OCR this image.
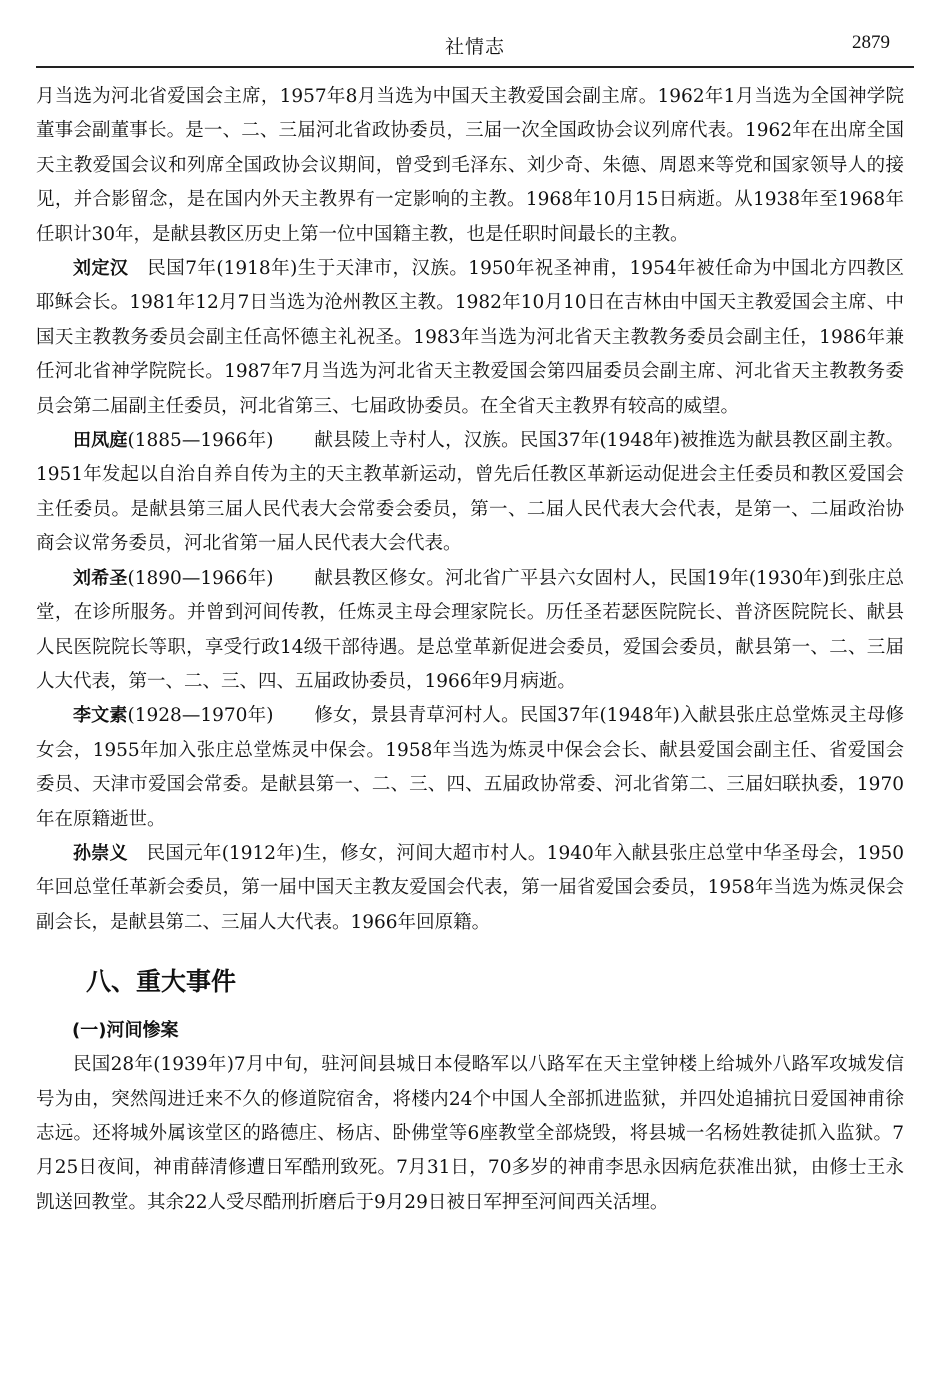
社情志	2879

月当选为河北省爱国会主席，1957年8月当选为中国天主教爱国会副主席。1962年1月当选为全国神学院董事会副董事长。是一、二、三届河北省政协委员，三届一次全国政协会议列席代表。1962年在出席全国天主教爱国会议和列席全国政协会议期间，曾受到毛泽东、刘少奇、朱德、周恩来等党和国家领导人的接见，并合影留念，是在国内外天主教界有一定影响的主教。1968年10月15日病逝。从1938年至1968年任职计30年，是献县教区历史上第一位中国籍主教，也是任职时间最长的主教。

刘定汉  民国7年(1918年)生于天津市，汉族。1950年祝圣神甫，1954年被任命为中国北方四教区耶稣会长。1981年12月7日当选为沧州教区主教。1982年10月10日在吉林由中国天主教爱国会主席、中国天主教教务委员会副主任高怀德主礼祝圣。1983年当选为河北省天主教教务委员会副主任，1986年兼任河北省神学院院长。1987年7月当选为河北省天主教爱国会第四届委员会副主席、河北省天主教教务委员会第二届副主任委员，河北省第三、七届政协委员。在全省天主教界有较高的威望。

田凤庭(1885—1966年) 献县陵上寺村人，汉族。民国37年(1948年)被推选为献县教区副主教。1951年发起以自治自养自传为主的天主教革新运动，曾先后任教区革新运动促进会主任委员和教区爱国会主任委员。是献县第三届人民代表大会常委会委员，第一、二届人民代表大会代表，是第一、二届政治协商会议常务委员，河北省第一届人民代表大会代表。

刘希圣(1890—1966年) 献县教区修女。河北省广平县六女固村人，民国19年(1930年)到张庄总堂，在诊所服务。并曾到河间传教，任炼灵主母会理家院长。历任圣若瑟医院院长、普济医院院长、献县人民医院院长等职，享受行政14级干部待遇。是总堂革新促进会委员，爱国会委员，献县第一、二、三届人大代表，第一、二、三、四、五届政协委员，1966年9月病逝。

李文素(1928—1970年) 修女，景县青草河村人。民国37年(1948年)入献县张庄总堂炼灵主母修女会，1955年加入张庄总堂炼灵中保会。1958年当选为炼灵中保会会长、献县爱国会副主任、省爱国会委员、天津市爱国会常委。是献县第一、二、三、四、五届政协常委、河北省第二、三届妇联执委，1970年在原籍逝世。

孙崇义  民国元年(1912年)生，修女，河间大超市村人。1940年入献县张庄总堂中华圣母会，1950年回总堂任革新会委员，第一届中国天主教友爱国会代表，第一届省爱国会委员，1958年当选为炼灵保会副会长，是献县第二、三届人大代表。1966年回原籍。

八、重大事件
(一)河间惨案

民国28年(1939年)7月中旬，驻河间县城日本侵略军以八路军在天主堂钟楼上给城外八路军攻城发信号为由，突然闯进迁来不久的修道院宿舍，将楼内24个中国人全部抓进监狱，并四处追捕抗日爱国神甫徐志远。还将城外属该堂区的路德庄、杨店、卧佛堂等6座教堂全部烧毁，将县城一名杨姓教徒抓入监狱。7月25日夜间，神甫薛清修遭日军酷刑致死。7月31日，70多岁的神甫李思永因病危获准出狱，由修士王永凯送回教堂。其余22人受尽酷刑折磨后于9月29日被日军押至河间西关活埋。
